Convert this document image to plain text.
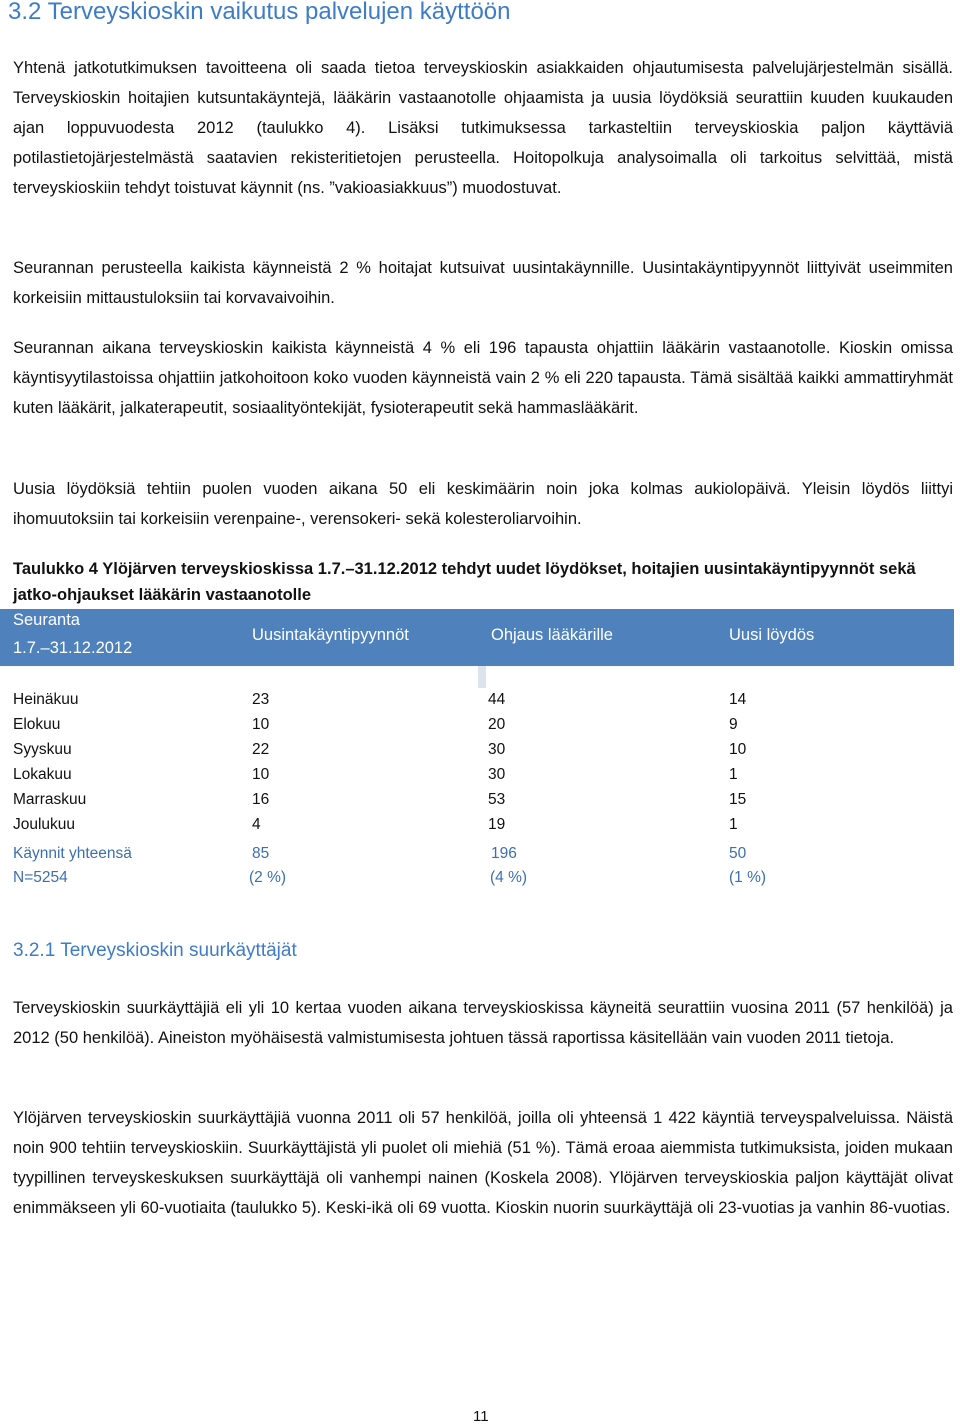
3.2 Terveyskioskin vaikutus palvelujen käyttöön

Yhtenä jatkotutkimuksen tavoitteena oli saada tietoa terveyskioskin asiakkaiden ohjautumisesta palvelujärjestelmän sisällä. Terveyskioskin hoitajien kutsuntakäyntejä, lääkärin vastaanotolle ohjaamista ja uusia löydöksiä seurattiin kuuden kuukauden ajan loppuvuodesta 2012 (taulukko 4). Lisäksi tutkimuksessa tarkasteltiin terveyskioskia paljon käyttäviä potilastietojärjestelmästä saatavien rekisteritietojen perusteella. Hoitopolkuja analysoimalla oli tarkoitus selvittää, mistä terveyskioskiin tehdyt toistuvat käynnit (ns. ”vakioasiakkuus”) muodostuvat.

Seurannan perusteella kaikista käynneistä 2 % hoitajat kutsuivat uusintakäynnille. Uusintakäyntipyynnöt liittyivät useimmiten korkeisiin mittaustuloksiin tai korvavaivoihin.

Seurannan aikana terveyskioskin kaikista käynneistä 4 % eli 196 tapausta ohjattiin lääkärin vastaanotolle. Kioskin omissa käyntisyytilastoissa ohjattiin jatkohoitoon koko vuoden käynneistä vain 2 % eli 220 tapausta. Tämä sisältää kaikki ammattiryhmät kuten lääkärit, jalkaterapeutit, sosiaalityöntekijät, fysioterapeutit sekä hammaslääkärit.

Uusia löydöksiä tehtiin puolen vuoden aikana 50 eli keskimäärin noin joka kolmas aukiolopäivä. Yleisin löydös liittyi ihomuutoksiin tai korkeisiin verenpaine-, verensokeri- sekä kolesteroliarvoihin.

Taulukko 4 Ylöjärven terveyskioskissa 1.7.–31.12.2012 tehdyt uudet löydökset, hoitajien uusintakäyntipyynnöt sekä jatko-ohjaukset lääkärin vastaanotolle

Seuranta
1.7.–31.12.2012
Uusintakäyntipyynnöt	Ohjaus lääkärille	Uusi löydös
Heinäkuu	23	44	14
Elokuu	10	20	9
Syyskuu	22	30	10
Lokakuu	10	30	1
Marraskuu	16	53	15
Joulukuu	4	19	1
Käynnit yhteensä	85	196	50
N=5254	(2 %)	(4 %)	(1 %)
3.2.1 Terveyskioskin suurkäyttäjät

Terveyskioskin suurkäyttäjiä eli yli 10 kertaa vuoden aikana terveyskioskissa käyneitä seurattiin vuosina 2011 (57 henkilöä) ja 2012 (50 henkilöä). Aineiston myöhäisestä valmistumisesta johtuen tässä raportissa käsitellään vain vuoden 2011 tietoja.

Ylöjärven terveyskioskin suurkäyttäjiä vuonna 2011 oli 57 henkilöä, joilla oli yhteensä 1 422 käyntiä terveyspalveluissa. Näistä noin 900 tehtiin terveyskioskiin. Suurkäyttäjistä yli puolet oli miehiä (51 %). Tämä eroaa aiemmista tutkimuksista, joiden mukaan tyypillinen terveyskeskuksen suurkäyttäjä oli vanhempi nainen (Koskela 2008). Ylöjärven terveyskioskia paljon käyttäjät olivat enimmäkseen yli 60-vuotiaita (taulukko 5). Keski-ikä oli 69 vuotta. Kioskin nuorin suurkäyttäjä oli 23-vuotias ja vanhin 86-vuotias.

11
